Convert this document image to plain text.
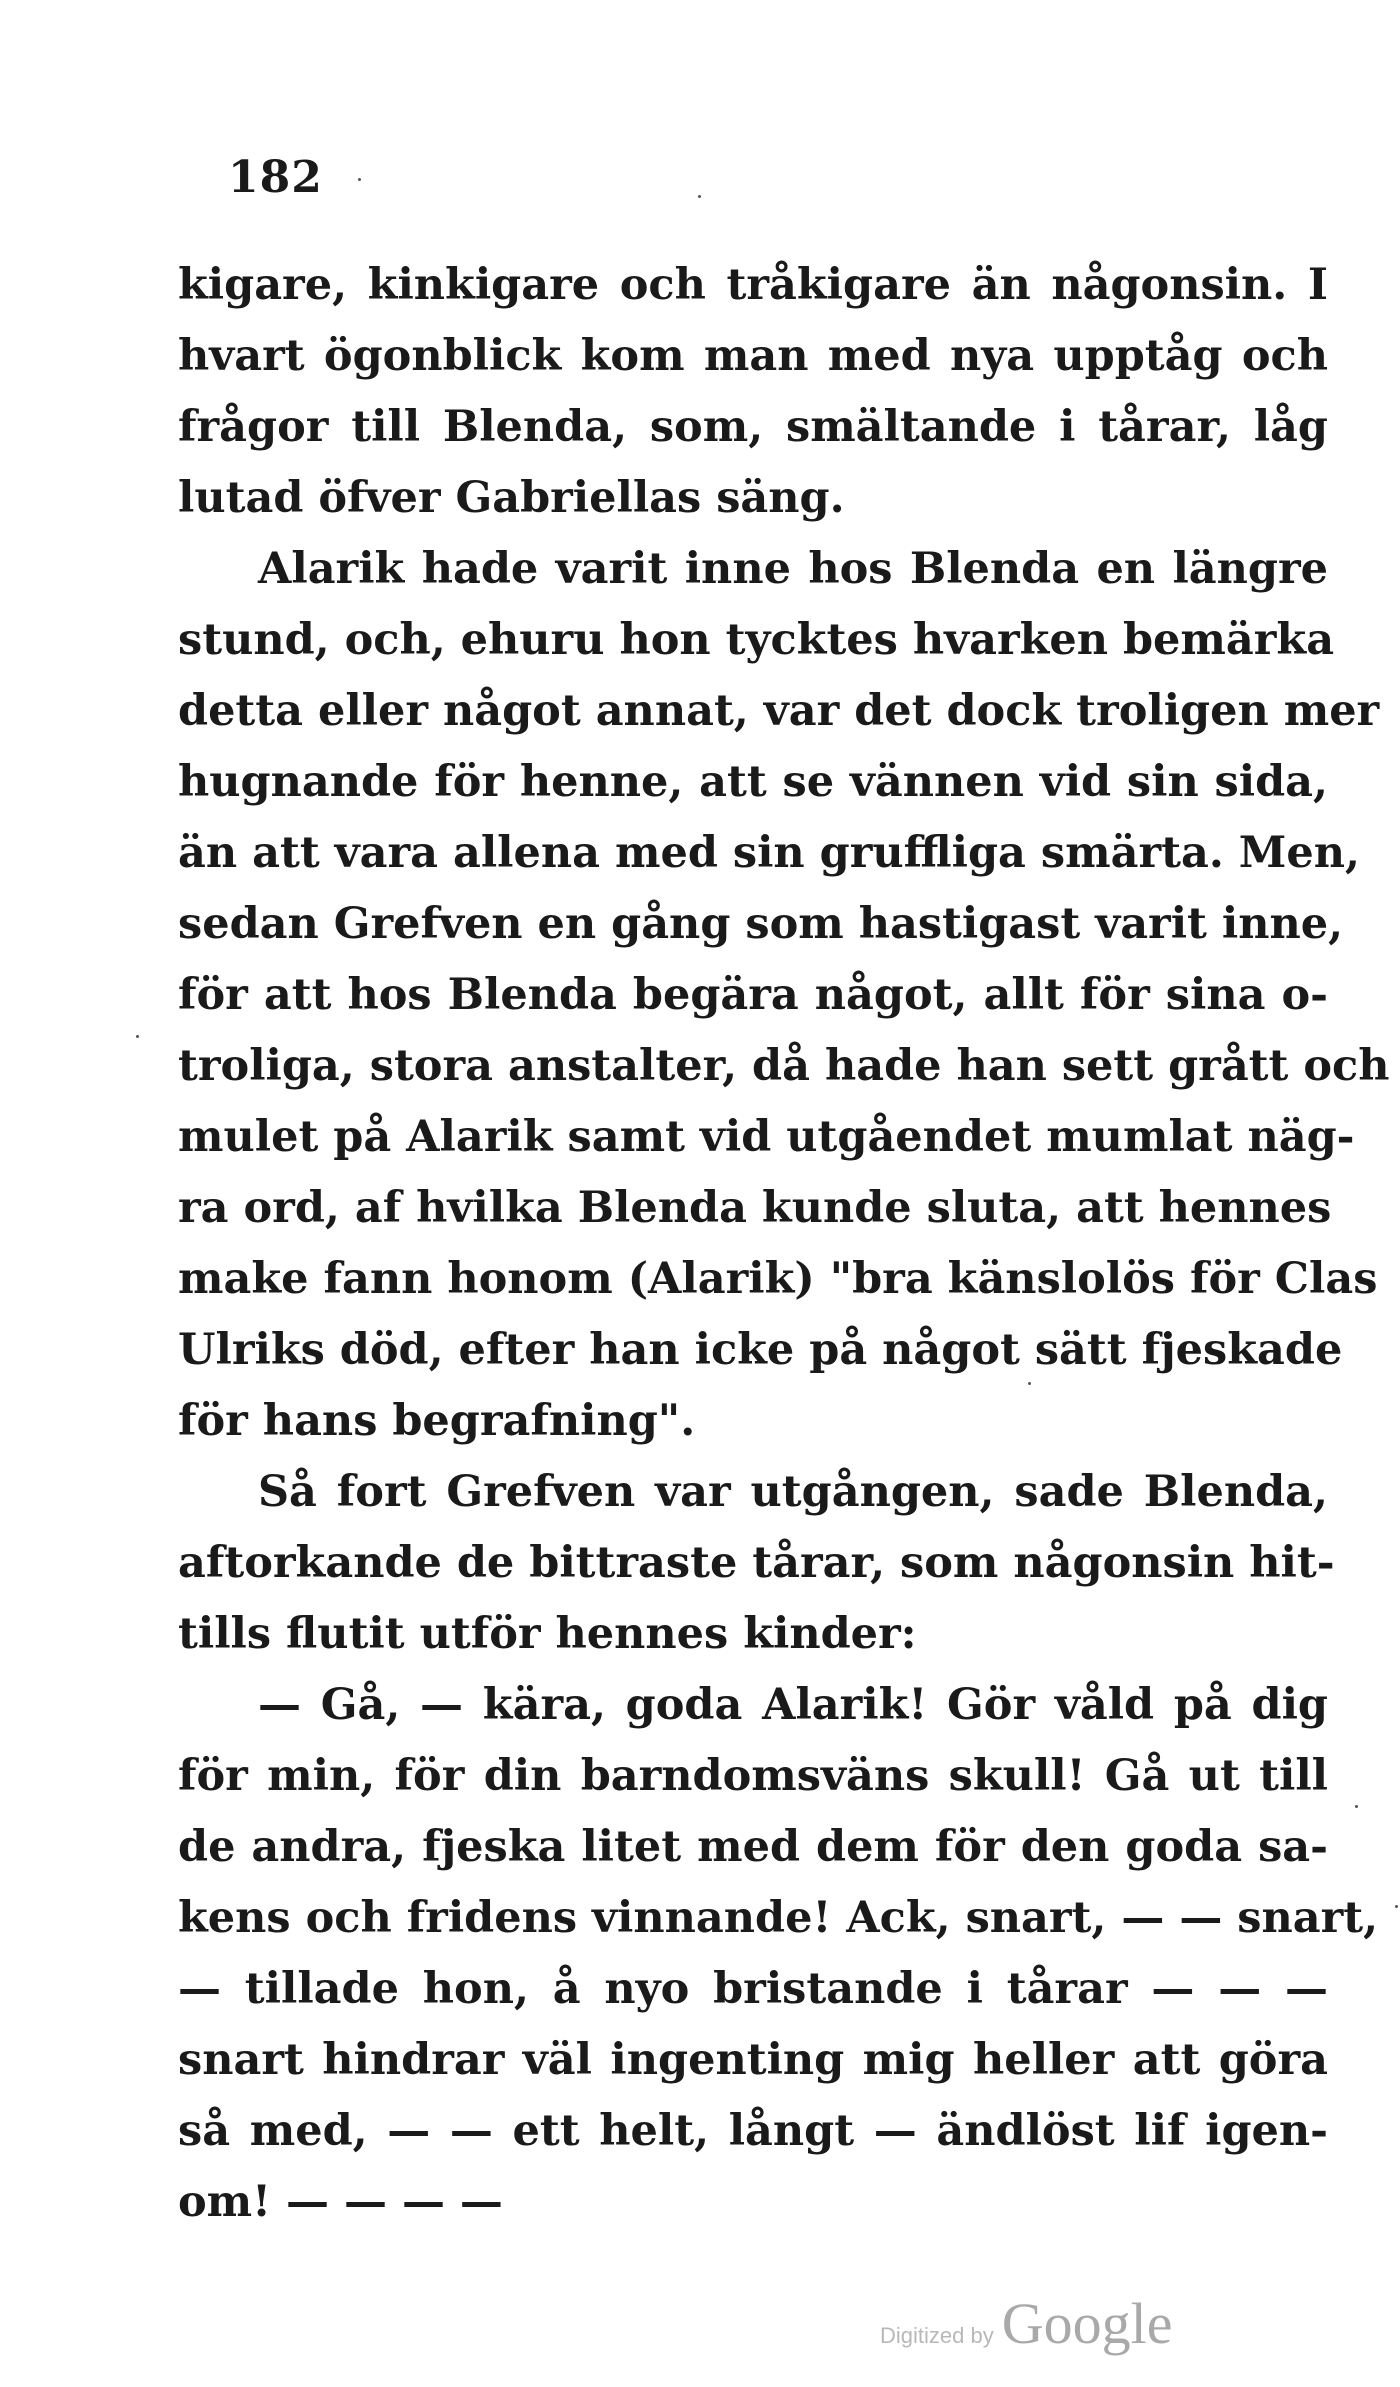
182
kigare, kinkigare och tråkigare än någonsin. I
hvart ögonblick kom man med nya upptåg och
frågor till Blenda, som, smältande i tårar, låg
lutad öfver Gabriellas säng.
Alarik hade varit inne hos Blenda en längre
stund, och, ehuru hon tycktes hvarken bemärka
detta eller något annat, var det dock troligen mer
hugnande för henne, att se vännen vid sin sida,
än att vara allena med sin gruffliga smärta. Men,
sedan Grefven en gång som hastigast varit inne,
för att hos Blenda begära något, allt för sina o-
troliga, stora anstalter, då hade han sett grått och
mulet på Alarik samt vid utgåendet mumlat näg-
ra ord, af hvilka Blenda kunde sluta, att hennes
make fann honom (Alarik) "bra känslolös för Clas
Ulriks död, efter han icke på något sätt fjeskade
för hans begrafning".
Så fort Grefven var utgången, sade Blenda,
aftorkande de bittraste tårar, som någonsin hit-
tills flutit utför hennes kinder:
— Gå, — kära, goda Alarik! Gör våld på dig
för min, för din barndomsväns skull! Gå ut till
de andra, fjeska litet med dem för den goda sa-
kens och fridens vinnande! Ack, snart, — — snart,
— tillade hon, å nyo bristande i tårar — — —
snart hindrar väl ingenting mig heller att göra
så med, — — ett helt, långt — ändlöst lif igen-
om! — — — —
Digitized by Google
